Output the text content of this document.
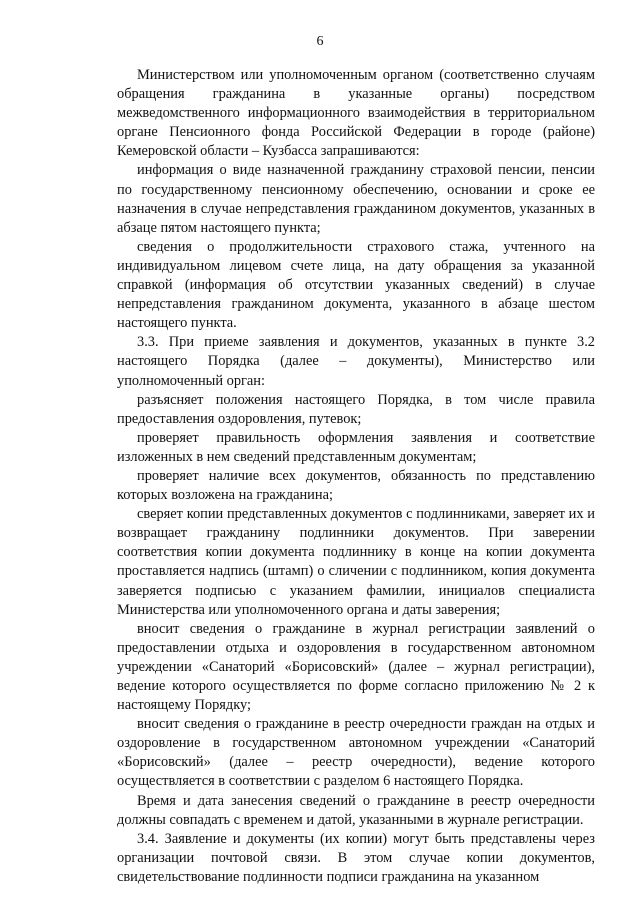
6

Министерством или уполномоченным органом (соответственно случаям обращения гражданина в указанные органы) посредством межведомственного информационного взаимодействия в территориальном органе Пенсионного фонда Российской Федерации в городе (районе) Кемеровской области – Кузбасса запрашиваются:

информация о виде назначенной гражданину страховой пенсии, пенсии по государственному пенсионному обеспечению, основании и сроке ее назначения в случае непредставления гражданином документов, указанных в абзаце пятом настоящего пункта;

сведения о продолжительности страхового стажа, учтенного на индивидуальном лицевом счете лица, на дату обращения за указанной справкой (информация об отсутствии указанных сведений) в случае непредставления гражданином документа, указанного в абзаце шестом настоящего пункта.

3.3. При приеме заявления и документов, указанных в пункте 3.2 настоящего Порядка (далее – документы), Министерство или уполномоченный орган:

разъясняет положения настоящего Порядка, в том числе правила предоставления оздоровления, путевок;

проверяет правильность оформления заявления и соответствие изложенных в нем сведений представленным документам;

проверяет наличие всех документов, обязанность по представлению которых возложена на гражданина;

сверяет копии представленных документов с подлинниками, заверяет их и возвращает гражданину подлинники документов. При заверении соответствия копии документа подлиннику в конце на копии документа проставляется надпись (штамп) о сличении с подлинником, копия документа заверяется подписью с указанием фамилии, инициалов специалиста Министерства или уполномоченного органа и даты заверения;

вносит сведения о гражданине в журнал регистрации заявлений о предоставлении отдыха и оздоровления в государственном автономном учреждении «Санаторий «Борисовский» (далее – журнал регистрации), ведение которого осуществляется по форме согласно приложению № 2 к настоящему Порядку;

вносит сведения о гражданине в реестр очередности граждан на отдых и оздоровление в государственном автономном учреждении «Санаторий «Борисовский» (далее – реестр очередности), ведение которого осуществляется в соответствии с разделом 6 настоящего Порядка.

Время и дата занесения сведений о гражданине в реестр очередности должны совпадать с временем и датой, указанными в журнале регистрации.

3.4. Заявление и документы (их копии) могут быть представлены через организации почтовой связи. В этом случае копии документов, свидетельствование подлинности подписи гражданина на указанном
